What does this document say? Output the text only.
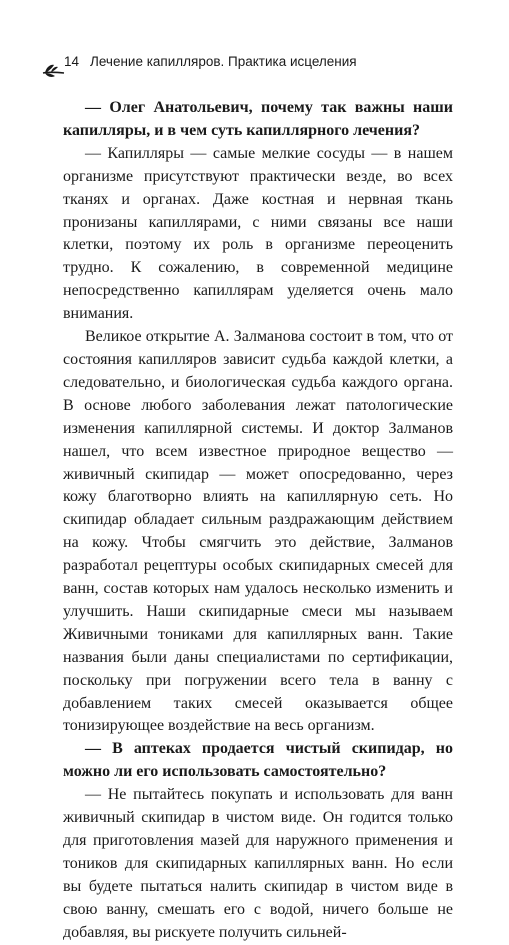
14 Лечение капилляров. Практика исцеления

— Олег Анатольевич, почему так важны наши капилляры, и в чем суть капиллярного лечения?

— Капилляры — самые мелкие сосуды — в нашем организме присутствуют практически везде, во всех тканях и органах. Даже костная и нервная ткань пронизаны капиллярами, с ними связаны все наши клетки, поэтому их роль в организме переоценить трудно. К сожалению, в современной медицине непосредственно капиллярам уделяется очень мало внимания.

Великое открытие А. Залманова состоит в том, что от состояния капилляров зависит судьба каждой клетки, а следовательно, и биологическая судьба каждого органа. В основе любого заболевания лежат патологические изменения капиллярной системы. И доктор Залманов нашел, что всем известное природное вещество — живичный скипидар — может опосредованно, через кожу благотворно влиять на капиллярную сеть. Но скипидар обладает сильным раздражающим действием на кожу. Чтобы смягчить это действие, Залманов разработал рецептуры особых скипидарных смесей для ванн, состав которых нам удалось несколько изменить и улучшить. Наши скипидарные смеси мы называем Живичными тониками для капиллярных ванн. Такие названия были даны специалистами по сертификации, поскольку при погружении всего тела в ванну с добавлением таких смесей оказывается общее тонизирующее воздействие на весь организм.

— В аптеках продается чистый скипидар, но можно ли его использовать самостоятельно?

— Не пытайтесь покупать и использовать для ванн живичный скипидар в чистом виде. Он годится только для приготовления мазей для наружного применения и тоников для скипидарных капиллярных ванн. Но если вы будете пытаться налить скипидар в чистом виде в свою ванну, смешать его с водой, ничего больше не добавляя, вы рискуете получить сильней-
